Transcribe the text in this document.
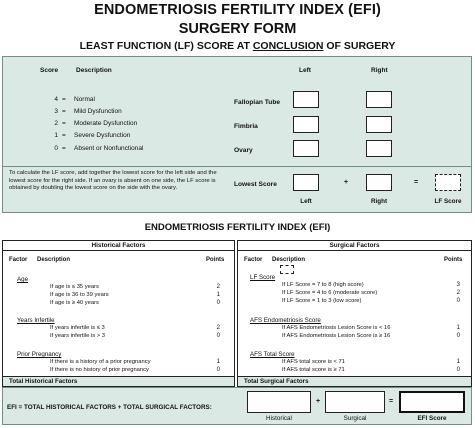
ENDOMETRIOSIS FERTILITY INDEX (EFI)
SURGERY FORM
LEAST FUNCTION (LF) SCORE AT CONCLUSION OF SURGERY
Score	Description	Left	Right
4 = Normal
3 = Mild Dysfunction
2 = Moderate Dysfunction
1 = Severe Dysfunction
0 = Absent or Nonfunctional
Fallopian Tube
Fimbria
Ovary
To calculate the LF score, add together the lowest score for the left side and the lowest score for the right side. If an ovary is absent on one side, the LF score is obtained by doubling the lowest score on the side with the ovary.
Lowest Score	+	=
Left	Right	LF Score
ENDOMETRIOSIS FERTILITY INDEX (EFI)
Historical Factors
Factor Description	Points
Age
If age is ≤ 35 years	2
If age is 36 to 39 years	1
If age is ≥ 40 years	0
Years Infertile
If years infertile is ≤ 3	2
If years infertile is > 3	0
Prior Pregnancy
If there is a history of a prior pregnancy	1
If there is no history of prior pregnancy	0
Total Historical Factors
Surgical Factors
Factor Description	Points
LF Score
If LF Score = 7 to 8 (high score)	3
If LF Score = 4 to 6 (moderate score)	2
If LF Score = 1 to 3 (low score)	0
AFS Endometriosis Score
If AFS Endometriosis Lesion Score is < 16	1
If AFS Endometriosis Lesion Score is ≥ 16	0
AFS Total Score
If AFS total score is < 71	1
If AFS total score is ≥ 71	0
Total Surgical Factors
EFI = TOTAL HISTORICAL FACTORS + TOTAL SURGICAL FACTORS:
+	=
Historical	Surgical	EFI Score
